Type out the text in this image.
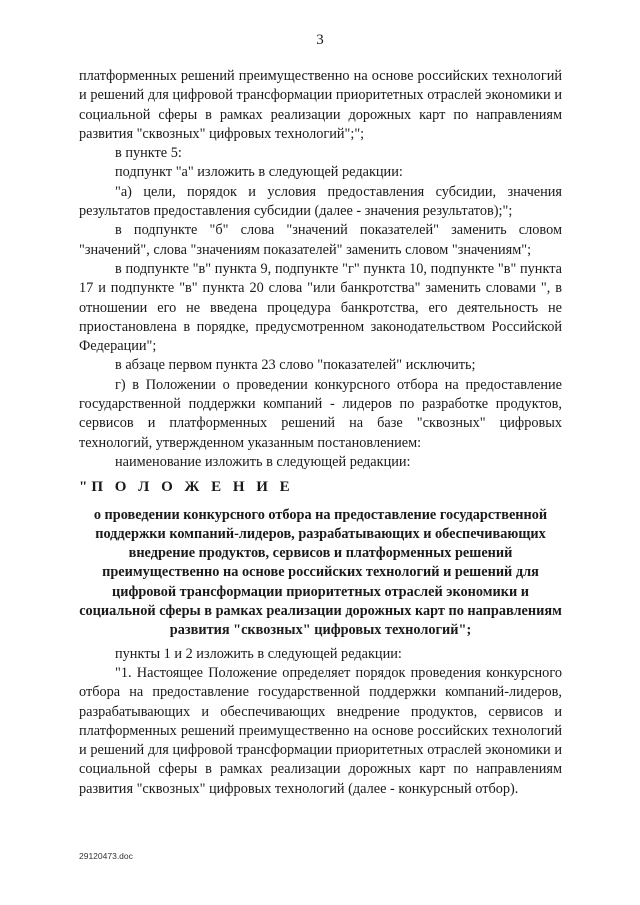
3

платформенных решений преимущественно на основе российских технологий и решений для цифровой трансформации приоритетных отраслей экономики и социальной сферы в рамках реализации дорожных карт по направлениям развития "сквозных" цифровых технологий";";

в пункте 5:

подпункт "а" изложить в следующей редакции:

"а) цели, порядок и условия предоставления субсидии, значения результатов предоставления субсидии (далее - значения результатов);";

в подпункте "б" слова "значений показателей" заменить словом "значений", слова "значениям показателей" заменить словом "значениям";

в подпункте "в" пункта 9, подпункте "г" пункта 10, подпункте "в" пункта 17 и подпункте "в" пункта 20 слова "или банкротства" заменить словами ", в отношении его не введена процедура банкротства, его деятельность не приостановлена в порядке, предусмотренном законодательством Российской Федерации";

в абзаце первом пункта 23 слово "показателей" исключить;

г) в Положении о проведении конкурсного отбора на предоставление государственной поддержки компаний - лидеров по разработке продуктов, сервисов и платформенных решений на базе "сквозных" цифровых технологий, утвержденном указанным постановлением:

наименование изложить в следующей редакции:

"П О Л О Ж Е Н И Е

о проведении конкурсного отбора на предоставление государственной поддержки компаний-лидеров, разрабатывающих и обеспечивающих внедрение продуктов, сервисов и платформенных решений преимущественно на основе российских технологий и решений для цифровой трансформации приоритетных отраслей экономики и социальной сферы в рамках реализации дорожных карт по направлениям развития "сквозных" цифровых технологий";

пункты 1 и 2 изложить в следующей редакции:

"1. Настоящее Положение определяет порядок проведения конкурсного отбора на предоставление государственной поддержки компаний-лидеров, разрабатывающих и обеспечивающих внедрение продуктов, сервисов и платформенных решений преимущественно на основе российских технологий и решений для цифровой трансформации приоритетных отраслей экономики и социальной сферы в рамках реализации дорожных карт по направлениям развития "сквозных" цифровых технологий (далее - конкурсный отбор).

29120473.doc
